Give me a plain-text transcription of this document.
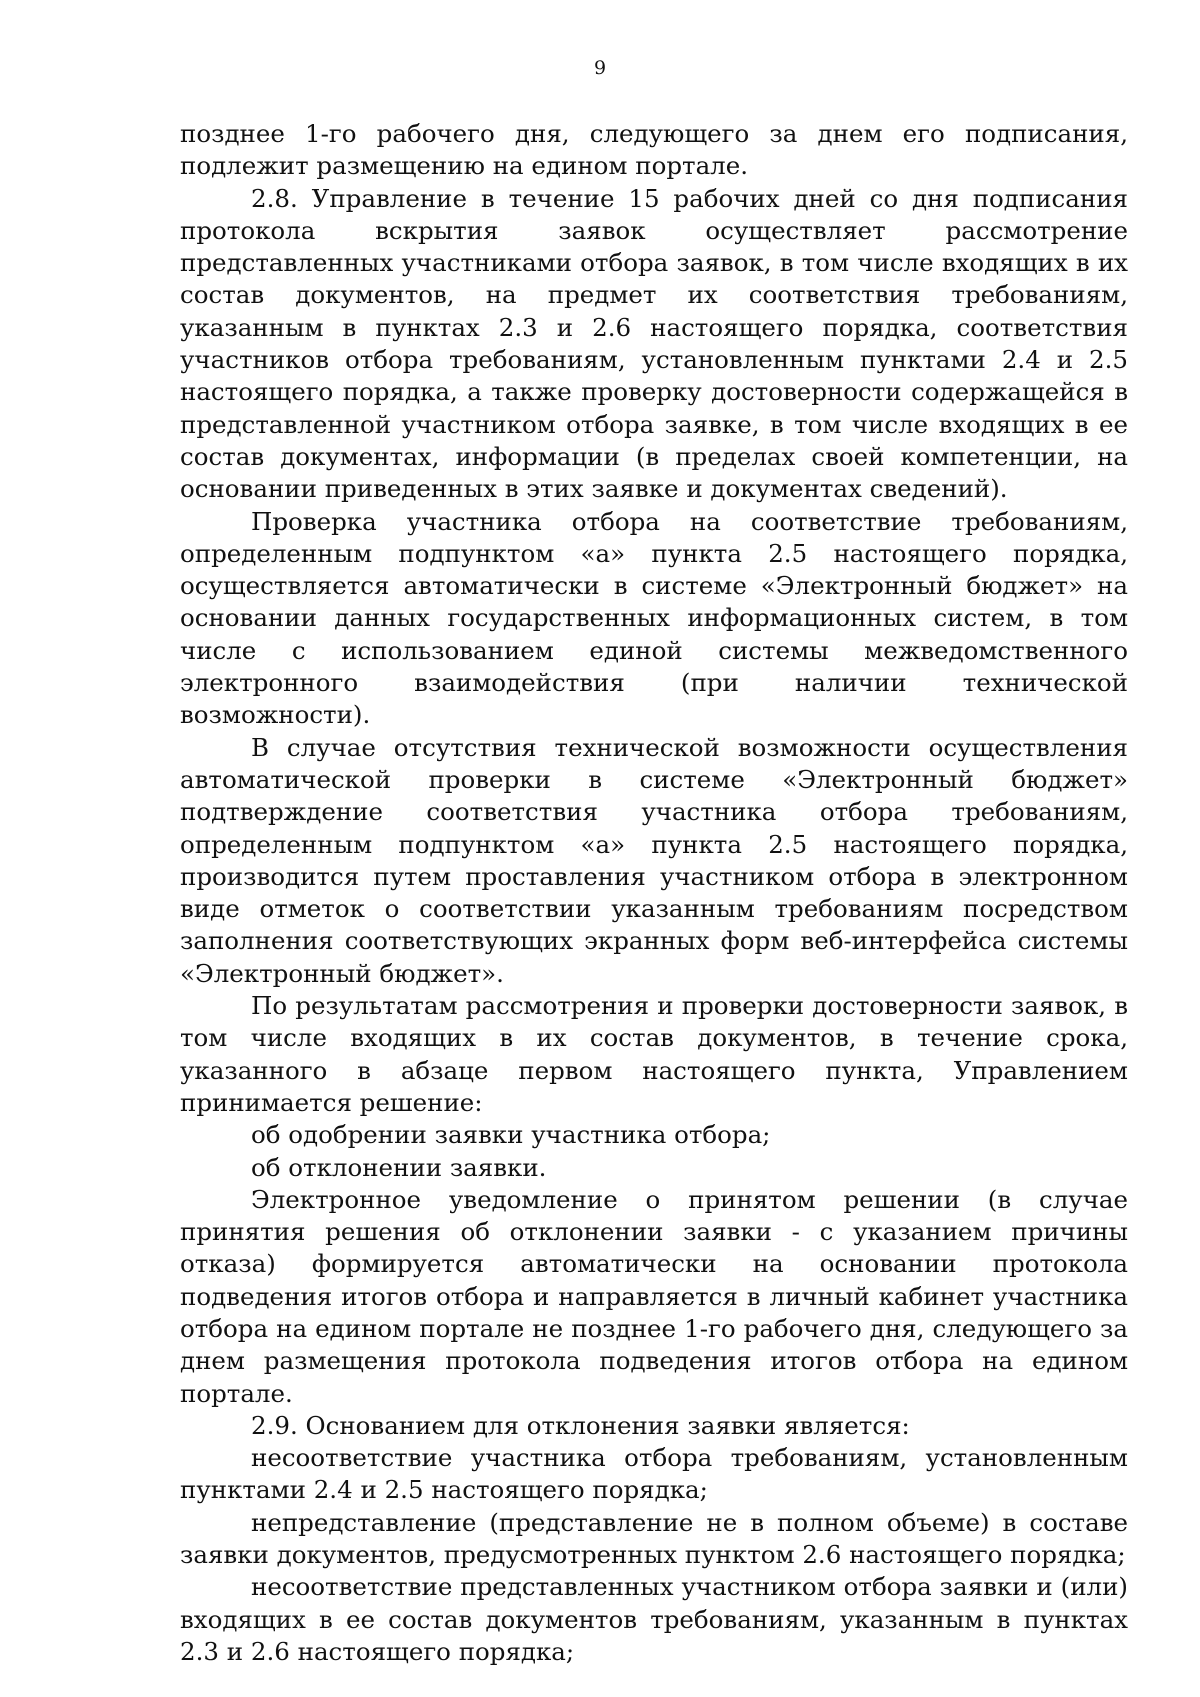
9

позднее 1-го рабочего дня, следующего за днем его подписания, подлежит размещению на едином портале.

2.8. Управление в течение 15 рабочих дней со дня подписания протокола вскрытия заявок осуществляет рассмотрение представленных участниками отбора заявок, в том числе входящих в их состав документов, на предмет их соответствия требованиям, указанным в пунктах 2.3 и 2.6 настоящего порядка, соответствия участников отбора требованиям, установленным пунктами 2.4 и 2.5 настоящего порядка, а также проверку достоверности содержащейся в представленной участником отбора заявке, в том числе входящих в ее состав документах, информации (в пределах своей компетенции, на основании приведенных в этих заявке и документах сведений).

Проверка участника отбора на соответствие требованиям, определенным подпунктом «а» пункта 2.5 настоящего порядка, осуществляется автоматически в системе «Электронный бюджет» на основании данных государственных информационных систем, в том числе с использованием единой системы межведомственного электронного взаимодействия (при наличии технической возможности).

В случае отсутствия технической возможности осуществления автоматической проверки в системе «Электронный бюджет» подтверждение соответствия участника отбора требованиям, определенным подпунктом «а» пункта 2.5 настоящего порядка, производится путем проставления участником отбора в электронном виде отметок о соответствии указанным требованиям посредством заполнения соответствующих экранных форм веб-интерфейса системы «Электронный бюджет».

По результатам рассмотрения и проверки достоверности заявок, в том числе входящих в их состав документов, в течение срока, указанного в абзаце первом настоящего пункта, Управлением принимается решение:

об одобрении заявки участника отбора;

об отклонении заявки.

Электронное уведомление о принятом решении (в случае принятия решения об отклонении заявки - с указанием причины отказа) формируется автоматически на основании протокола подведения итогов отбора и направляется в личный кабинет участника отбора на едином портале не позднее 1-го рабочего дня, следующего за днем размещения протокола подведения итогов отбора на едином портале.

2.9. Основанием для отклонения заявки является:

несоответствие участника отбора требованиям, установленным пунктами 2.4 и 2.5 настоящего порядка;

непредставление (представление не в полном объеме) в составе заявки документов, предусмотренных пунктом 2.6 настоящего порядка;

несоответствие представленных участником отбора заявки и (или) входящих в ее состав документов требованиям, указанным в пунктах 2.3 и 2.6 настоящего порядка;
